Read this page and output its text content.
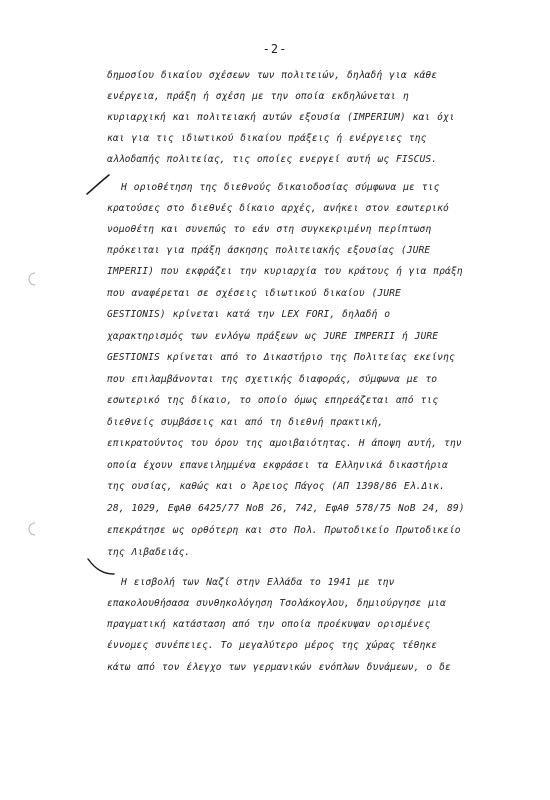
-2-
δημοσίου δικαίου σχέσεων των πολιτειών, δηλαδή για κάθε
ενέργεια, πράξη ή σχέση με την οποία εκδηλώνεται η
κυριαρχική και πολιτειακή αυτών εξουσία (IMPERIUM) και όχι
και για τις ιδιωτικού δικαίου πράξεις ή ενέργειες της
αλλοδαπής πολιτείας, τις οποίες ενεργεί αυτή ως FISCUS.
Η οριοθέτηση της διεθνούς δικαιοδοσίας σύμφωνα με τις
κρατούσες στο διεθνές δίκαιο αρχές, ανήκει στον εσωτερικό
νομοθέτη και συνεπώς το εάν στη συγκεκριμένη περίπτωση
πρόκειται για πράξη άσκησης πολιτειακής εξουσίας (JURE
IMPERII) που εκφράζει την κυριαρχία του κράτους ή για πράξη
που αναφέρεται σε σχέσεις ιδιωτικού δικαίου (JURE
GESTIONIS) κρίνεται κατά την LEX FORI, δηλαδή ο
χαρακτηρισμός των ενλόγω πράξεων ως JURE IMPERII ή JURE
GESTIONIS κρίνεται από το Δικαστήριο της Πολιτείας εκείνης
που επιλαμβάνονται της σχετικής διαφοράς, σύμφωνα με το
εσωτερικό της δίκαιο, το οποίο όμως επηρεάζεται από τις
διεθνείς συμβάσεις και από τη διεθνή πρακτική,
επικρατούντος του όρου της αμοιβαιότητας. Η άποψη αυτή, την
οποία έχουν επανειλημμένα εκφράσει τα Ελληνικά δικαστήρια
της ουσίας, καθώς και ο Άρειος Πάγος (ΑΠ 1398/86 Ελ.Δικ.
28, 1029, ΕφΑθ 6425/77 ΝοΒ 26, 742, ΕφΑθ 578/75 ΝοΒ 24, 89)
επεκράτησε ως ορθότερη και στο Πολ. Πρωτοδικείο Πρωτοδικείο
της Λιβαδειάς.
Η εισβολή των Ναζί στην Ελλάδα το 1941 με την
επακολουθήσασα συνθηκολόγηση Τσολάκογλου, δημιούργησε μια
πραγματική κατάσταση από την οποία προέκυψαν ορισμένες
έννομες συνέπειες. Το μεγαλύτερο μέρος της χώρας τέθηκε
κάτω από τον έλεγχο των γερμανικών ενόπλων δυνάμεων, ο δε
